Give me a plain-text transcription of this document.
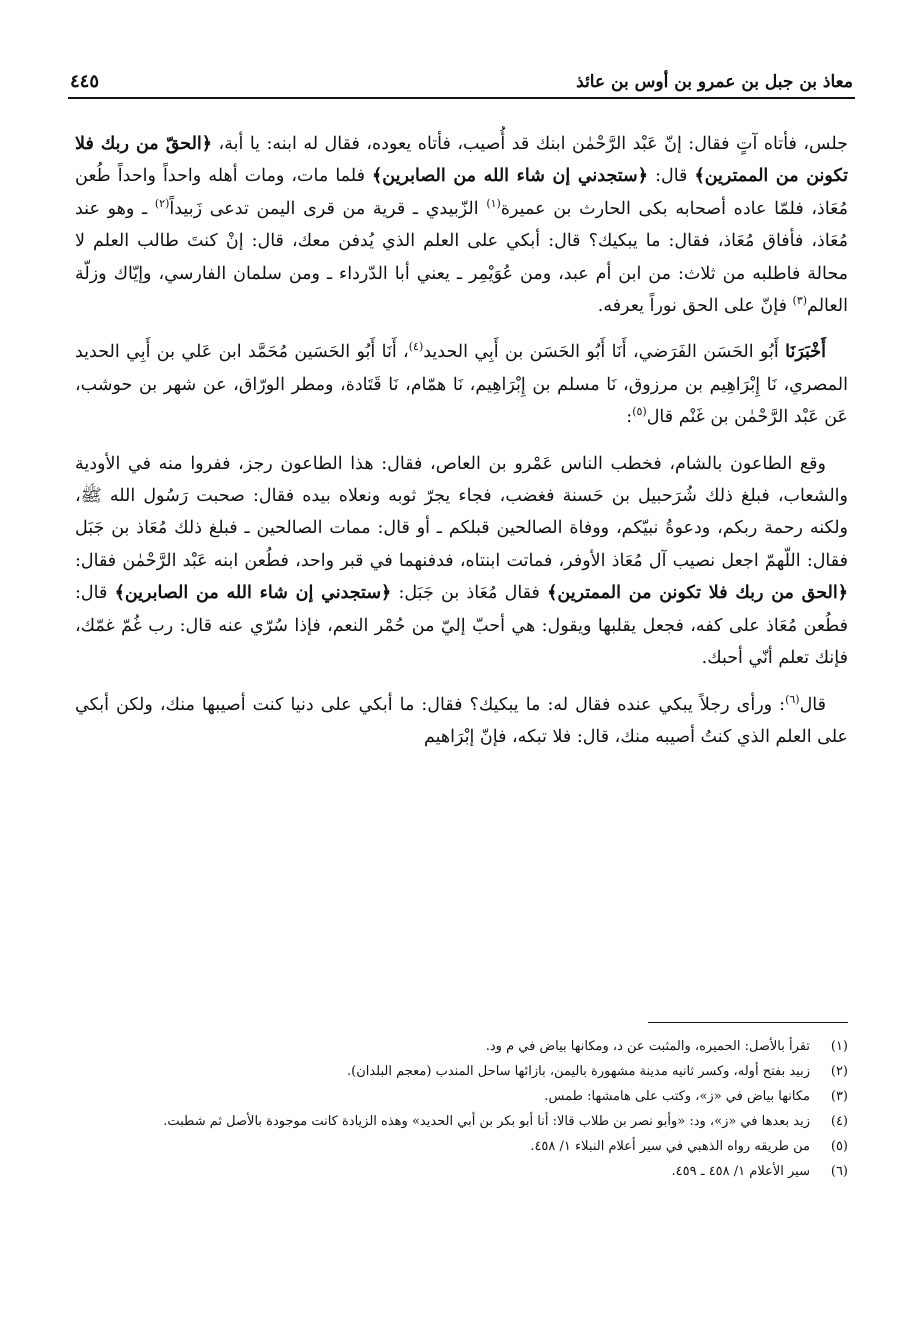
معاذ بن جبل بن عمرو بن أوس بن عائذ
٤٤٥

جلس، فأتاه آتٍ فقال: إنّ عَبْد الرَّحْمٰن ابنك قد أُصيب، فأتاه يعوده، فقال له ابنه: يا أبة، ﴿الحقّ من ربك فلا تكونن من الممترين﴾ قال: ﴿ستجدني إن شاء الله من الصابرين﴾ فلما مات، ومات أهله واحداً واحداً طُعن مُعَاذ، فلمّا عاده أصحابه بكى الحارث بن عميرة$^{(١)}$ الزّبيدي ـ قرية من قرى اليمن تدعى زَبيداً$^{(٢)}$ ـ وهو عند مُعَاذ، فأفاق مُعَاذ، فقال: ما يبكيك؟ قال: أبكي على العلم الذي يُدفن معك، قال: إنْ كنتَ طالب العلم لا محالة فاطلبه من ثلاث: من ابن أم عبد، ومن عُوَيْمِر ـ يعني أبا الدّرداء ـ ومن سلمان الفارسي، وإيّاك وزلّة العالم$^{(٣)}$ فإنّ على الحق نوراً يعرفه.

أَخْبَرَنَا أَبُو الحَسَن الفَرَضي، أَنَا أَبُو الحَسَن بن أَبِي الحديد$^{(٤)}$، أَنَا أَبُو الحَسَين مُحَمَّد ابن عَلي بن أَبِي الحديد المصري، نَا إِبْرَاهِيم بن مرزوق، نَا مسلم بن إِبْرَاهِيم، نَا همّام، نَا قَتَادة، ومطر الورّاق، عن شهر بن حوشب، عَن عَبْد الرَّحْمٰن بن غَنْم قال$^{(٥)}$:

وقع الطاعون بالشام، فخطب الناس عَمْرو بن العاص، فقال: هذا الطاعون رجز، ففروا منه في الأودية والشعاب، فبلغ ذلك شُرَحبيل بن حَسنة فغضب، فجاء يجرّ ثوبه ونعلاه بيده فقال: صحبت رَسُول الله ﷺ، ولكنه رحمة ربكم، ودعوةُ نبيّكم، ووفاة الصالحين قبلكم ـ أو قال: ممات الصالحين ـ فبلغ ذلك مُعَاذ بن جَبَل فقال: اللّهمّ اجعل نصيب آل مُعَاذ الأوفر، فماتت ابنتاه، فدفنهما في قبر واحد، فطُعن ابنه عَبْد الرَّحْمٰن فقال: ﴿الحق من ربك فلا تكونن من الممترين﴾ فقال مُعَاذ بن جَبَل: ﴿ستجدني إن شاء الله من الصابرين﴾ قال: فطُعن مُعَاذ على كفه، فجعل يقلبها ويقول: هي أحبّ إليّ من حُمْر النعم، فإذا سُرّي عنه قال: رب غُمّ غمّك، فإنك تعلم أنّي أحبك.

قال$^{(٦)}$: ورأى رجلاً يبكي عنده فقال له: ما يبكيك؟ فقال: ما أبكي على دنيا كنت أصيبها منك، ولكن أبكي على العلم الذي كنتُ أصيبه منك، قال: فلا تبكه، فإنّ إبْرَاهيم

(١)
تقرأ بالأصل: الحميره، والمثبت عن د، ومكانها بياض في م ود.
(٢)
زبيد بفتح أوله، وكسر ثانيه مدينة مشهورة باليمن، بازائها ساحل المندب (معجم البلدان).
(٣)
مكانها بياض في «ز»، وكتب على هامشها: طمس.
(٤)
زيد بعدها في «ز»، ود: «وأبو نصر بن طلاب قالا: أنا أبو بكر بن أبي الحديد» وهذه الزيادة كانت موجودة بالأصل ثم شطبت.
(٥)
من طريقه رواه الذهبي في سير أعلام النبلاء ١/ ٤٥٨.
(٦)
سير الأعلام ١/ ٤٥٨ ـ ٤٥٩.
